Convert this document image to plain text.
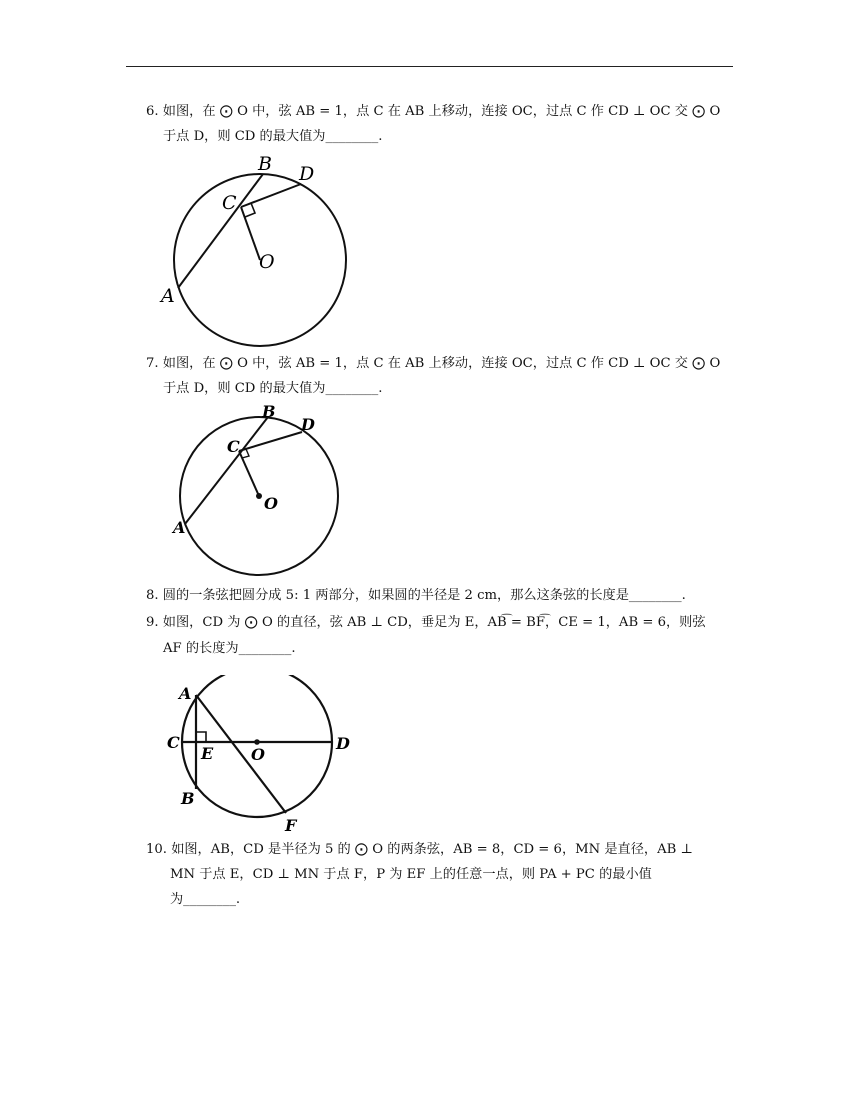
6. 如图，在 ⨀ O 中，弦 AB = 1，点 C 在 AB 上移动，连接 OC，过点 C 作 CD ⊥ OC 交 ⨀ O
于点 D，则 CD 的最大值为________.
B D
C
O
A
7. 如图，在 ⨀ O 中，弦 AB = 1，点 C 在 AB 上移动，连接 OC，过点 C 作 CD ⊥ OC 交 ⨀ O
于点 D，则 CD 的最大值为________.
B
D
C
O
A
8. 圆的一条弦把圆分成 5: 1 两部分，如果圆的半径是 2 cm，那么这条弦的长度是________.
9. 如图，CD 为 ⨀ O 的直径，弦 AB ⊥ CD，垂足为 E，AB͡ = BF͡，CE = 1，AB = 6，则弦
AF 的长度为________.
A
C
E O
D
B
F
10. 如图，AB，CD 是半径为 5 的 ⨀ O 的两条弦，AB = 8，CD = 6，MN 是直径，AB ⊥
MN 于点 E，CD ⊥ MN 于点 F，P 为 EF 上的任意一点，则 PA + PC 的最小值
为________.
